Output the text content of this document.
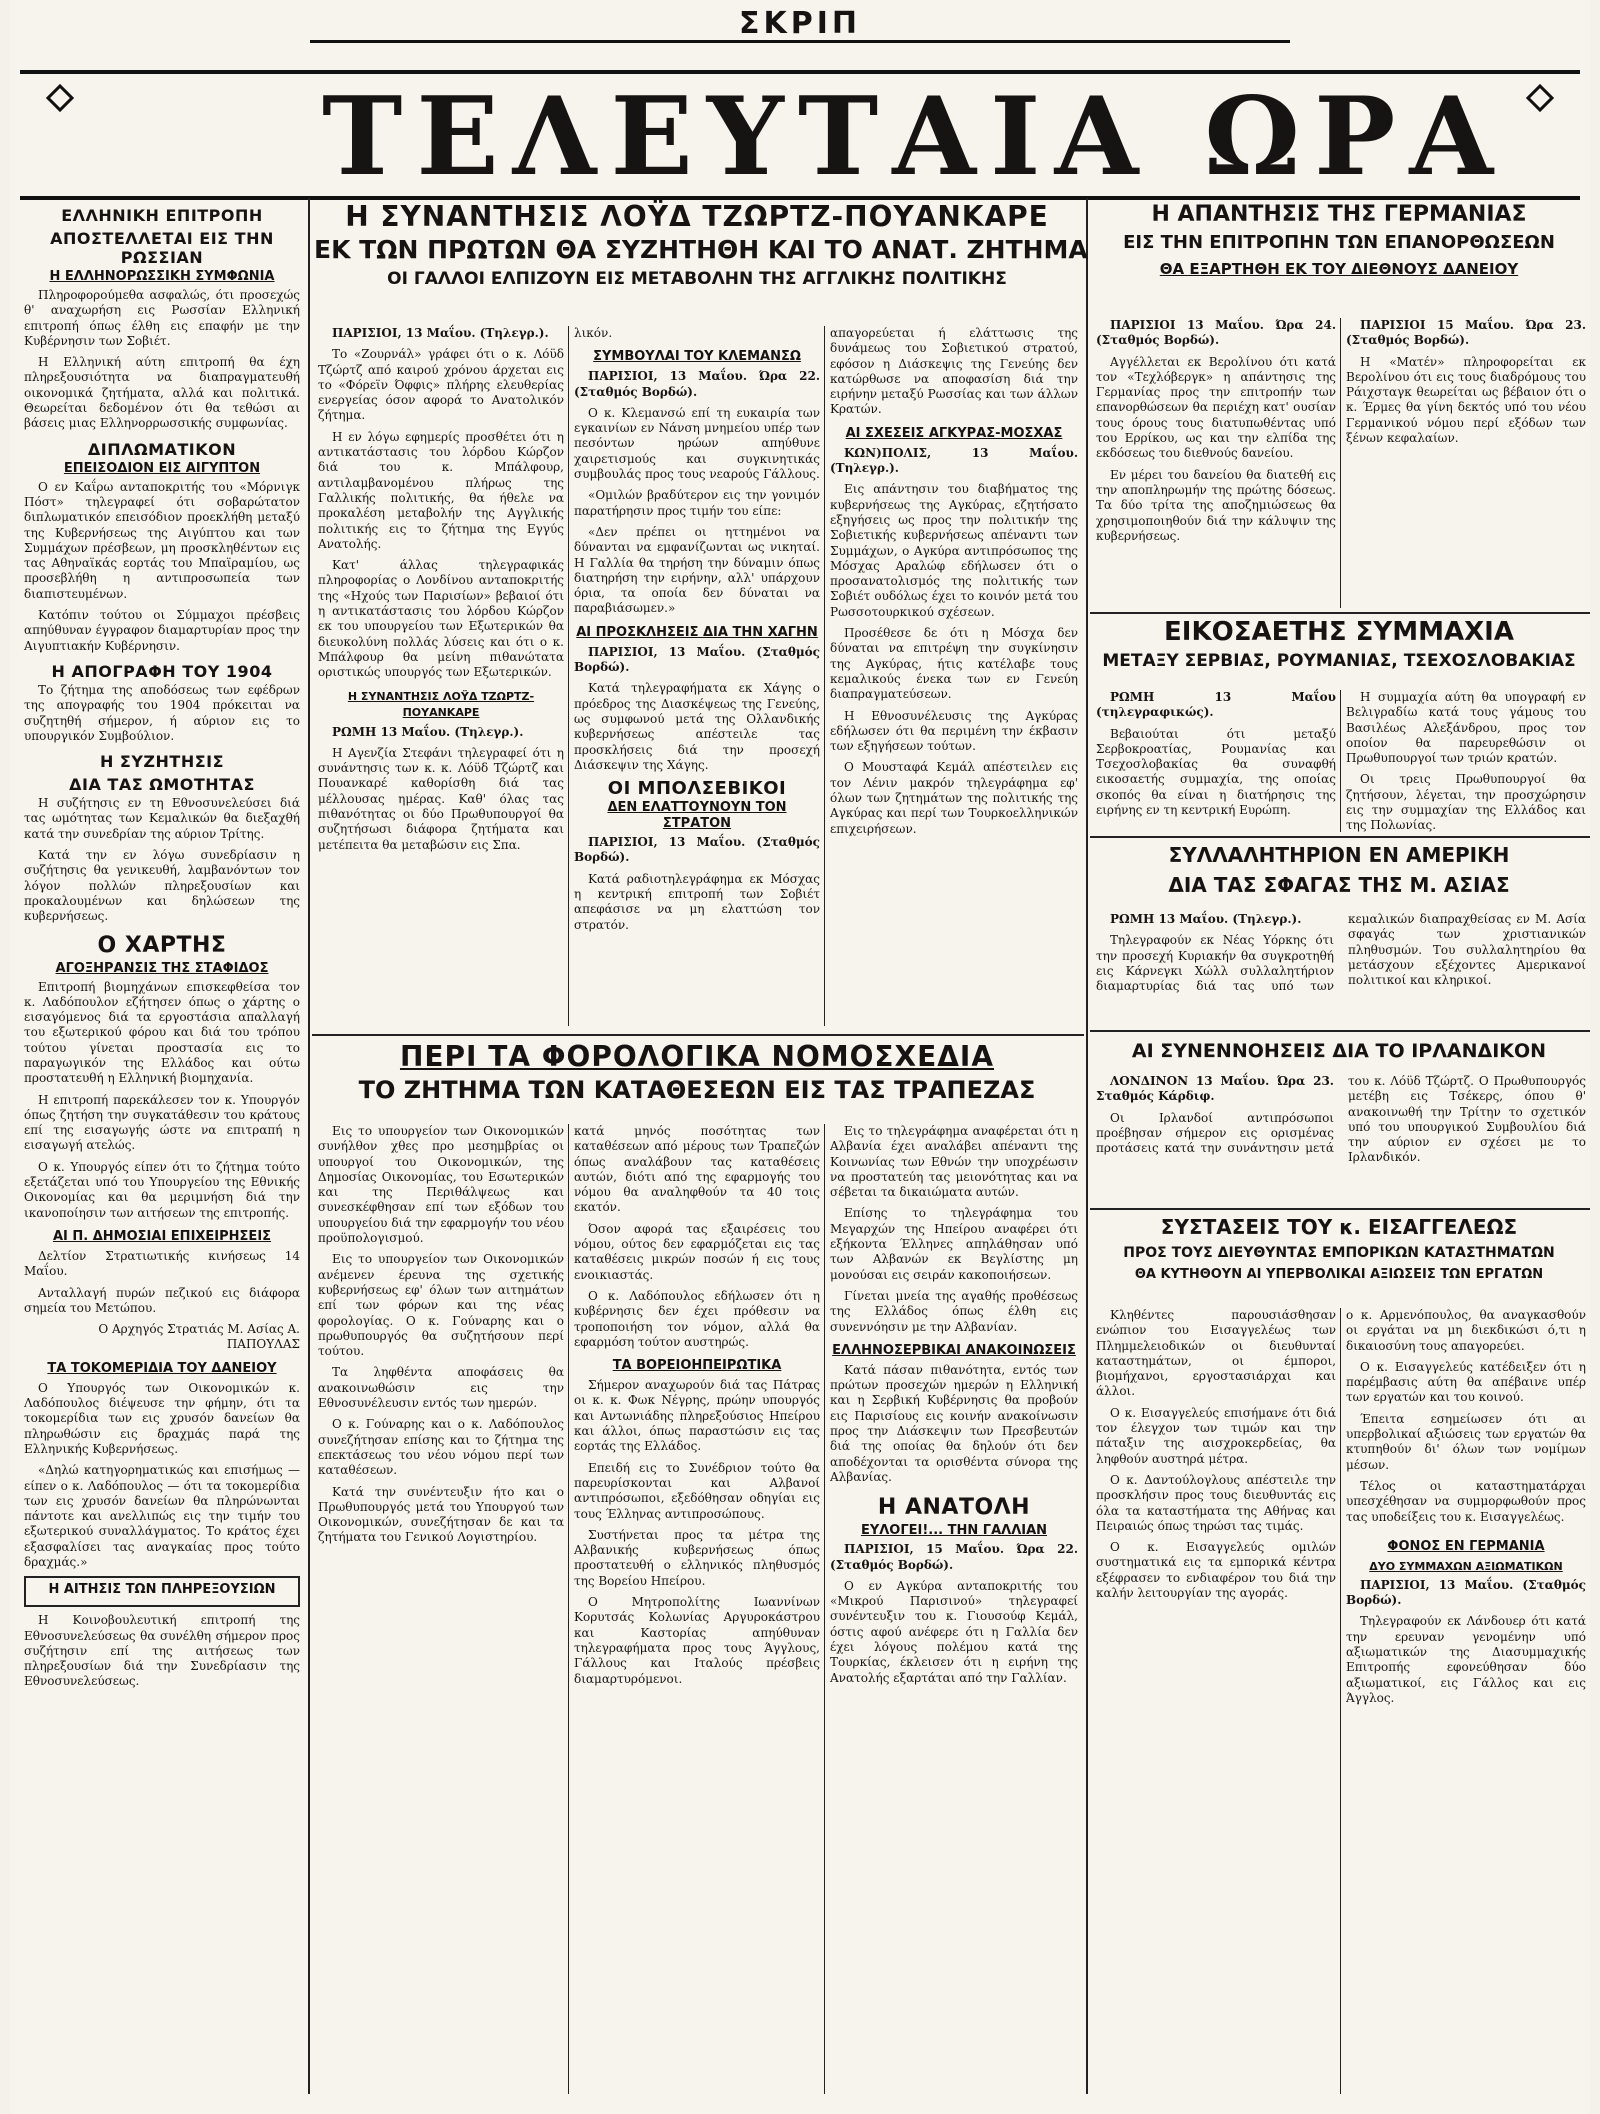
ΣΚΡΙΠ
ΤΕΛΕΥΤΑΙΑ ΩΡΑ
ΕΛΛΗΝΙΚΗ ΕΠΙΤΡΟΠΗ
ΑΠΟΣΤΕΛΛΕΤΑΙ ΕΙΣ ΤΗΝ ΡΩΣΣΙΑΝ
Η ΕΛΛΗΝΟΡΩΣΣΙΚΗ ΣΥΜΦΩΝΙΑ

Πληροφορούμεθα ασφαλώς, ότι προσεχώς θ' αναχωρήση εις Ρωσσίαν Ελληνική επιτροπή όπως έλθη εις επαφήν με την Κυβέρνησιν των Σοβιέτ.

Η Ελληνική αύτη επιτροπή θα έχη πληρεξουσιότητα να διαπραγματευθή οικονομικά ζητήματα, αλλά και πολιτικά. Θεωρείται δεδομένον ότι θα τεθώσι αι βάσεις μιας Ελληνορρωσσικής συμφωνίας.

ΔΙΠΛΩΜΑΤΙΚΟΝ
ΕΠΕΙΣΟΔΙΟΝ ΕΙΣ ΑΙΓΥΠΤΟΝ

Ο εν Καΐρω ανταποκριτής του «Μόρνιγκ Πόστ» τηλεγραφεί ότι σοβαρώτατον διπλωματικόν επεισόδιον προεκλήθη μεταξύ της Κυβερνήσεως της Αιγύπτου και των Συμμάχων πρέσβεων, μη προσκληθέντων εις τας Αθηναϊκάς εορτάς του Μπαϊραμίου, ως προσεβλήθη η αντιπροσωπεία των διαπιστευμένων.

Κατόπιν τούτου οι Σύμμαχοι πρέσβεις απηύθυναν έγγραφον διαμαρτυρίαν προς την Αιγυπτιακήν Κυβέρνησιν.

Η ΑΠΟΓΡΑΦΗ ΤΟΥ 1904

Το ζήτημα της αποδόσεως των εφέδρων της απογραφής του 1904 πρόκειται να συζητηθή σήμερον, ή αύριον εις το υπουργικόν Συμβούλιον.

Η ΣΥΖΗΤΗΣΙΣ
ΔΙΑ ΤΑΣ ΩΜΟΤΗΤΑΣ

Η συζήτησις εν τη Εθνοσυνελεύσει διά τας ωμότητας των Κεμαλικών θα διεξαχθή κατά την συνεδρίαν της αύριον Τρίτης.

Κατά την εν λόγω συνεδρίασιν η συζήτησις θα γενικευθή, λαμβανόντων τον λόγον πολλών πληρεξουσίων και προκαλουμένων και δηλώσεων της κυβερνήσεως.

Ο ΧΑΡΤΗΣ
ΑΓΟΞΗΡΑΝΣΙΣ ΤΗΣ ΣΤΑΦΙΔΟΣ

Επιτροπή βιομηχάνων επισκεφθείσα τον κ. Λαδόπουλον εζήτησεν όπως ο χάρτης ο εισαγόμενος διά τα εργοστάσια απαλλαγή του εξωτερικού φόρου και διά του τρόπου τούτου γίνεται προστασία εις το παραγωγικόν της Ελλάδος και ούτω προστατευθή η Ελληνική βιομηχανία.

Η επιτροπή παρεκάλεσεν τον κ. Υπουργόν όπως ζητήση την συγκατάθεσιν του κράτους επί της εισαγωγής ώστε να επιτραπή η εισαγωγή ατελώς.

Ο κ. Υπουργός είπεν ότι το ζήτημα τούτο εξετάζεται υπό του Υπουργείου της Εθνικής Οικονομίας και θα μεριμνήση διά την ικανοποίησιν των αιτήσεων της επιτροπής.

ΑΙ Π. ΔΗΜΟΣΙΑΙ ΕΠΙΧΕΙΡΗΣΕΙΣ

Δελτίον Στρατιωτικής κινήσεως 14 Μαΐου.

Ανταλλαγή πυρών πεζικού εις διάφορα σημεία του Μετώπου.

Ο Αρχηγός Στρατιάς Μ. Ασίας Α. ΠΑΠΟΥΛΑΣ

ΤΑ ΤΟΚΟΜΕΡΙΔΙΑ ΤΟΥ ΔΑΝΕΙΟΥ

Ο Υπουργός των Οικονομικών κ. Λαδόπουλος διέψευσε την φήμην, ότι τα τοκομερίδια των εις χρυσόν δανείων θα πληρωθώσιν εις δραχμάς παρά της Ελληνικής Κυβερνήσεως.

«Δηλώ κατηγορηματικώς και επισήμως — είπεν ο κ. Λαδόπουλος — ότι τα τοκομερίδια των εις χρυσόν δανείων θα πληρώνωνται πάντοτε και ανελλιπώς εις την τιμήν του εξωτερικού συναλλάγματος. Το κράτος έχει εξασφαλίσει τας αναγκαίας προς τούτο δραχμάς.»

Η ΑΙΤΗΣΙΣ ΤΩΝ ΠΛΗΡΕΞΟΥΣΙΩΝ

Η Κοινοβουλευτική επιτροπή της Εθνοσυνελεύσεως θα συνέλθη σήμερον προς συζήτησιν επί της αιτήσεως των πληρεξουσίων διά την Συνεδρίασιν της Εθνοσυνελεύσεως.

Η ΣΥΝΑΝΤΗΣΙΣ ΛΟΫΔ ΤΖΩΡΤΖ-ΠΟΥΑΝΚΑΡΕ
ΕΚ ΤΩΝ ΠΡΩΤΩΝ ΘΑ ΣΥΖΗΤΗΘΗ ΚΑΙ ΤΟ ΑΝΑΤ. ΖΗΤΗΜΑ
ΟΙ ΓΑΛΛΟΙ ΕΛΠΙΖΟΥΝ ΕΙΣ ΜΕΤΑΒΟΛΗΝ ΤΗΣ ΑΓΓΛΙΚΗΣ ΠΟΛΙΤΙΚΗΣ

ΠΑΡΙΣΙΟΙ, 13 Μαΐου. (Τηλεγρ.).

Το «Ζουρνάλ» γράφει ότι ο κ. Λόϋδ Τζώρτζ από καιρού χρόνου άρχεται εις το «Φόρεϊν Όφφις» πλήρης ελευθερίας ενεργείας όσον αφορά το Ανατολικόν ζήτημα.

Η εν λόγω εφημερίς προσθέτει ότι η αντικατάστασις του λόρδου Κώρζον διά του κ. Μπάλφουρ, αντιλαμβανομένου πλήρως της Γαλλικής πολιτικής, θα ήθελε να προκαλέση μεταβολήν της Αγγλικής πολιτικής εις το ζήτημα της Εγγύς Ανατολής.

Κατ' άλλας τηλεγραφικάς πληροφορίας ο Λονδίνου ανταποκριτής της «Ηχούς των Παρισίων» βεβαιοί ότι η αντικατάστασις του λόρδου Κώρζον εκ του υπουργείου των Εξωτερικών θα διευκολύνη πολλάς λύσεις και ότι ο κ. Μπάλφουρ θα μείνη πιθανώτατα οριστικώς υπουργός των Εξωτερικών.

Η ΣΥΝΑΝΤΗΣΙΣ ΛΟΫΔ ΤΖΩΡΤΖ-ΠΟΥΑΝΚΑΡΕ

ΡΩΜΗ 13 Μαΐου. (Τηλεγρ.).

Η Αγενζία Στεφάνι τηλεγραφεί ότι η συνάντησις των κ. κ. Λόϋδ Τζώρτζ και Πουανκαρέ καθορίσθη διά τας μέλλουσας ημέρας. Καθ' όλας τας πιθανότητας οι δύο Πρωθυπουργοί θα συζητήσωσι διάφορα ζητήματα και μετέπειτα θα μεταβώσιν εις Σπα.

λικόν.

ΣΥΜΒΟΥΛΑΙ ΤΟΥ ΚΛΕΜΑΝΣΩ

ΠΑΡΙΣΙΟΙ, 13 Μαΐου. Ώρα 22. (Σταθμός Βορδώ).

Ο κ. Κλεμανσώ επί τη ευκαιρία των εγκαινίων εν Νάνση μνημείου υπέρ των πεσόντων ηρώων απηύθυνε χαιρετισμούς και συγκινητικάς συμβουλάς προς τους νεαρούς Γάλλους.

«Ομιλών βραδύτερον εις την γονιμόν παρατήρησιν προς τιμήν του είπε:

«Δεν πρέπει οι ηττημένοι να δύνανται να εμφανίζωνται ως νικηταί. Η Γαλλία θα τηρήση την δύναμιν όπως διατηρήση την ειρήνην, αλλ' υπάρχουν όρια, τα οποία δεν δύναται να παραβιάσωμεν.»

ΑΙ ΠΡΟΣΚΛΗΣΕΙΣ ΔΙΑ ΤΗΝ ΧΑΓΗΝ

ΠΑΡΙΣΙΟΙ, 13 Μαΐου. (Σταθμός Βορδώ).

Κατά τηλεγραφήματα εκ Χάγης ο πρόεδρος της Διασκέψεως της Γενεύης, ως συμφωνού μετά της Ολλανδικής κυβερνήσεως απέστειλε τας προσκλήσεις διά την προσεχή Διάσκεψιν της Χάγης.

ΟΙ ΜΠΟΛΣΕΒΙΚΟΙ
ΔΕΝ ΕΛΑΤΤΟΥΝΟΥΝ ΤΟΝ ΣΤΡΑΤΟΝ

ΠΑΡΙΣΙΟΙ, 13 Μαΐου. (Σταθμός Βορδώ).

Κατά ραδιοτηλεγράφημα εκ Μόσχας η κεντρική επιτροπή των Σοβιέτ απεφάσισε να μη ελαττώση τον στρατόν.

απαγορεύεται ή ελάττωσις της δυνάμεως του Σοβιετικού στρατού, εφόσον η Διάσκεψις της Γενεύης δεν κατώρθωσε να αποφασίση διά την ειρήνην μεταξύ Ρωσσίας και των άλλων Κρατών.

ΑΙ ΣΧΕΣΕΙΣ ΑΓΚΥΡΑΣ-ΜΟΣΧΑΣ

ΚΩΝ)ΠΟΛΙΣ, 13 Μαΐου. (Τηλεγρ.).

Εις απάντησιν του διαβήματος της κυβερνήσεως της Αγκύρας, εζητήσατο εξηγήσεις ως προς την πολιτικήν της Σοβιετικής κυβερνήσεως απέναντι των Συμμάχων, ο Αγκύρα αντιπρόσωπος της Μόσχας Αραλώφ εδήλωσεν ότι ο προσανατολισμός της πολιτικής των Σοβιέτ ουδόλως έχει το κοινόν μετά του Ρωσσοτουρκικού σχέσεων.

Προσέθεσε δε ότι η Μόσχα δεν δύναται να επιτρέψη την συγκίνησιν της Αγκύρας, ήτις κατέλαβε τους κεμαλικούς ένεκα των εν Γενεύη διαπραγματεύσεων.

Η Εθνοσυνέλευσις της Αγκύρας εδήλωσεν ότι θα περιμένη την έκβασιν των εξηγήσεων τούτων.

Ο Μουσταφά Κεμάλ απέστειλεν εις τον Λένιν μακρόν τηλεγράφημα εφ' όλων των ζητημάτων της πολιτικής της Αγκύρας και περί των Τουρκοελληνικών επιχειρήσεων.

ΠΕΡΙ ΤΑ ΦΟΡΟΛΟΓΙΚΑ ΝΟΜΟΣΧΕΔΙΑ
ΤΟ ΖΗΤΗΜΑ ΤΩΝ ΚΑΤΑΘΕΣΕΩΝ ΕΙΣ ΤΑΣ ΤΡΑΠΕΖΑΣ

Εις το υπουργείον των Οικονομικών συνήλθον χθες προ μεσημβρίας οι υπουργοί του Οικονομικών, της Δημοσίας Οικονομίας, του Εσωτερικών και της Περιθάλψεως και συνεσκέφθησαν επί των εξόδων του υπουργείου διά την εφαρμογήν του νέου προϋπολογισμού.

Εις το υπουργείον των Οικονομικών ανέμενεν έρευνα της σχετικής κυβερνήσεως εφ' όλων των αιτημάτων επί των φόρων και της νέας φορολογίας. Ο κ. Γούναρης και ο πρωθυπουργός θα συζητήσουν περί τούτου.

Τα ληφθέντα αποφάσεις θα ανακοινωθώσιν εις την Εθνοσυνέλευσιν εντός των ημερών.

Ο κ. Γούναρης και ο κ. Λαδόπουλος συνεζήτησαν επίσης και το ζήτημα της επεκτάσεως του νέου νόμου περί των καταθέσεων.

Κατά την συνέντευξιν ήτο και ο Πρωθυπουργός μετά του Υπουργού των Οικονομικών, συνεζήτησαν δε και τα ζητήματα του Γενικού Λογιστηρίου.

κατά μηνός ποσότητας των καταθέσεων από μέρους των Τραπεζών όπως αναλάβουν τας καταθέσεις αυτών, διότι από της εφαρμογής του νόμου θα αναληφθούν τα 40 τοις εκατόν.

Όσον αφορά τας εξαιρέσεις του νόμου, ούτος δεν εφαρμόζεται εις τας καταθέσεις μικρών ποσών ή εις τους ενοικιαστάς.

Ο κ. Λαδόπουλος εδήλωσεν ότι η κυβέρνησις δεν έχει πρόθεσιν να τροποποιήση τον νόμον, αλλά θα εφαρμόση τούτον αυστηρώς.

ΤΑ ΒΟΡΕΙΟΗΠΕΙΡΩΤΙΚΑ

Σήμερον αναχωρούν διά τας Πάτρας οι κ. κ. Φωκ Νέγρης, πρώην υπουργός και Αντωνιάδης πληρεξούσιος Ηπείρου και άλλοι, όπως παραστώσιν εις τας εορτάς της Ελλάδος.

Επειδή εις το Συνέδριον τούτο θα παρευρίσκονται και Αλβανοί αντιπρόσωποι, εξεδόθησαν οδηγίαι εις τους Έλληνας αντιπροσώπους.

Συστήνεται προς τα μέτρα της Αλβανικής κυβερνήσεως όπως προστατευθή ο ελληνικός πληθυσμός της Βορείου Ηπείρου.

Ο Μητροπολίτης Ιωαννίνων Κορυτσάς Κολωνίας Αργυροκάστρου και Καστορίας απηύθυναν τηλεγραφήματα προς τους Άγγλους, Γάλλους και Ιταλούς πρέσβεις διαμαρτυρόμενοι.

Εις το τηλεγράφημα αναφέρεται ότι η Αλβανία έχει αναλάβει απέναντι της Κοινωνίας των Εθνών την υποχρέωσιν να προστατεύη τας μειονότητας και να σέβεται τα δικαιώματα αυτών.

Επίσης το τηλεγράφημα του Μεγαρχών της Ηπείρου αναφέρει ότι εξήκοντα Έλληνες απηλάθησαν υπό των Αλβανών εκ Βεγλίστης μη μονούσαι εις σειράν κακοποιήσεων.

Γίνεται μνεία της αγαθής προθέσεως της Ελλάδος όπως έλθη εις συνεννόησιν με την Αλβανίαν.

ΕΛΛΗΝΟΣΕΡΒΙΚΑΙ ΑΝΑΚΟΙΝΩΣΕΙΣ

Κατά πάσαν πιθανότητα, εντός των πρώτων προσεχών ημερών η Ελληνική και η Σερβική Κυβέρνησις θα προβούν εις Παρισίους εις κοινήν ανακοίνωσιν προς την Διάσκεψιν των Πρεσβευτών διά της οποίας θα δηλούν ότι δεν αποδέχονται τα ορισθέντα σύνορα της Αλβανίας.

Η ΑΝΑΤΟΛΗ
ΕΥΛΟΓΕΙ!... ΤΗΝ ΓΑΛΛΙΑΝ

ΠΑΡΙΣΙΟΙ, 15 Μαΐου. Ώρα 22. (Σταθμός Βορδώ).

Ο εν Αγκύρα ανταποκριτής του «Μικρού Παρισινού» τηλεγραφεί συνέντευξιν του κ. Γιουσούφ Κεμάλ, όστις αφού ανέφερε ότι η Γαλλία δεν έχει λόγους πολέμου κατά της Τουρκίας, έκλεισεν ότι η ειρήνη της Ανατολής εξαρτάται από την Γαλλίαν.

Η ΑΠΑΝΤΗΣΙΣ ΤΗΣ ΓΕΡΜΑΝΙΑΣ
ΕΙΣ ΤΗΝ ΕΠΙΤΡΟΠΗΝ ΤΩΝ ΕΠΑΝΟΡΘΩΣΕΩΝ
ΘΑ ΕΞΑΡΤΗΘΗ ΕΚ ΤΟΥ ΔΙΕΘΝΟΥΣ ΔΑΝΕΙΟΥ

ΠΑΡΙΣΙΟΙ 13 Μαΐου. Ώρα 24. (Σταθμός Βορδώ).

Αγγέλλεται εκ Βερολίνου ότι κατά τον «Τεχλόβεργκ» η απάντησις της Γερμανίας προς την επιτροπήν των επανορθώσεων θα περιέχη κατ' ουσίαν τους όρους τους διατυπωθέντας υπό του Ερρίκου, ως και την ελπίδα της εκδόσεως του διεθνούς δανείου.

Εν μέρει του δανείου θα διατεθή εις την αποπληρωμήν της πρώτης δόσεως. Τα δύο τρίτα της αποζημιώσεως θα χρησιμοποιηθούν διά την κάλυψιν της κυβερνήσεως.

ΠΑΡΙΣΙΟΙ 15 Μαΐου. Ώρα 23. (Σταθμός Βορδώ).

Η «Ματέν» πληροφορείται εκ Βερολίνου ότι εις τους διαδρόμους του Ράιχσταγκ θεωρείται ως βέβαιον ότι ο κ. Έρμες θα γίνη δεκτός υπό του νέου Γερμανικού νόμου περί εξόδων των ξένων κεφαλαίων.

ΕΙΚΟΣΑΕΤΗΣ ΣΥΜΜΑΧΙΑ
ΜΕΤΑΞΥ ΣΕΡΒΙΑΣ, ΡΟΥΜΑΝΙΑΣ, ΤΣΕΧΟΣΛΟΒΑΚΙΑΣ

ΡΩΜΗ 13 Μαΐου (τηλεγραφικώς).

Βεβαιούται ότι μεταξύ Σερβοκροατίας, Ρουμανίας και Τσεχοσλοβακίας θα συναφθή εικοσαετής συμμαχία, της οποίας σκοπός θα είναι η διατήρησις της ειρήνης εν τη κεντρική Ευρώπη.

Η συμμαχία αύτη θα υπογραφή εν Βελιγραδίω κατά τους γάμους του Βασιλέως Αλεξάνδρου, προς τον οποίον θα παρευρεθώσιν οι Πρωθυπουργοί των τριών κρατών.

Οι τρεις Πρωθυπουργοί θα ζητήσουν, λέγεται, την προσχώρησιν εις την συμμαχίαν της Ελλάδος και της Πολωνίας.

ΣΥΛΛΑΛΗΤΗΡΙΟΝ ΕΝ ΑΜΕΡΙΚΗ
ΔΙΑ ΤΑΣ ΣΦΑΓΑΣ ΤΗΣ Μ. ΑΣΙΑΣ

ΡΩΜΗ 13 Μαΐου. (Τηλεγρ.).

Τηλεγραφούν εκ Νέας Υόρκης ότι την προσεχή Κυριακήν θα συγκροτηθή εις Κάρνεγκι Χώλλ συλλαλητήριον διαμαρτυρίας διά τας υπό των κεμαλικών διαπραχθείσας εν Μ. Ασία σφαγάς των χριστιανικών πληθυσμών. Του συλλαλητηρίου θα μετάσχουν εξέχοντες Αμερικανοί πολιτικοί και κληρικοί.

ΑΙ ΣΥΝΕΝΝΟΗΣΕΙΣ ΔΙΑ ΤΟ ΙΡΛΑΝΔΙΚΟΝ

ΛΟΝΔΙΝΟΝ 13 Μαΐου. Ώρα 23. Σταθμός Κάρδιφ.

Οι Ιρλανδοί αντιπρόσωποι προέβησαν σήμερον εις ορισμένας προτάσεις κατά την συνάντησιν μετά του κ. Λόϋδ Τζώρτζ. Ο Πρωθυπουργός μετέβη εις Τσέκερς, όπου θ' ανακοινωθή την Τρίτην το σχετικόν υπό του υπουργικού Συμβουλίου διά την αύριον εν σχέσει με το Ιρλανδικόν.

ΣΥΣΤΑΣΕΙΣ ΤΟΥ κ. ΕΙΣΑΓΓΕΛΕΩΣ
ΠΡΟΣ ΤΟΥΣ ΔΙΕΥΘΥΝΤΑΣ ΕΜΠΟΡΙΚΩΝ ΚΑΤΑΣΤΗΜΑΤΩΝ
ΘΑ ΚΥΤΗΘΟΥΝ ΑΙ ΥΠΕΡΒΟΛΙΚΑΙ ΑΞΙΩΣΕΙΣ ΤΩΝ ΕΡΓΑΤΩΝ

Κληθέντες παρουσιάσθησαν ενώπιον του Εισαγγελέως των Πλημμελειοδικών οι διευθυνταί καταστημάτων, οι έμποροι, βιομήχανοι, εργοστασιάρχαι και άλλοι.

Ο κ. Εισαγγελεύς επισήμανε ότι διά τον έλεγχον των τιμών και την πάταξιν της αισχροκερδείας, θα ληφθούν αυστηρά μέτρα.

Ο κ. Δαντούλογλους απέστειλε την προσκλήσιν προς τους διευθυντάς εις όλα τα καταστήματα της Αθήνας και Πειραιώς όπως τηρώσι τας τιμάς.

Ο κ. Εισαγγελεύς ομιλών συστηματικά εις τα εμπορικά κέντρα εξέφρασεν το ενδιαφέρον του διά την καλήν λειτουργίαν της αγοράς.

ο κ. Αρμενόπουλος, θα αναγκασθούν οι εργάται να μη διεκδικώσι ό,τι η δικαιοσύνη τους απαγορεύει.

Ο κ. Εισαγγελεύς κατέδειξεν ότι η παρέμβασις αύτη θα απέβαινε υπέρ των εργατών και του κοινού.

Έπειτα εσημείωσεν ότι αι υπερβολικαί αξιώσεις των εργατών θα κτυπηθούν δι' όλων των νομίμων μέσων.

Τέλος οι καταστηματάρχαι υπεσχέθησαν να συμμορφωθούν προς τας υποδείξεις του κ. Εισαγγελέως.

ΦΟΝΟΣ ΕΝ ΓΕΡΜΑΝΙΑ
ΔΥΟ ΣΥΜΜΑΧΩΝ ΑΞΙΩΜΑΤΙΚΩΝ

ΠΑΡΙΣΙΟΙ, 13 Μαΐου. (Σταθμός Βορδώ).

Τηλεγραφούν εκ Λάνδουερ ότι κατά την ερευναν γενομένην υπό αξιωματικών της Διασυμμαχικής Επιτροπής εφονεύθησαν δύο αξιωματικοί, εις Γάλλος και εις Άγγλος.
